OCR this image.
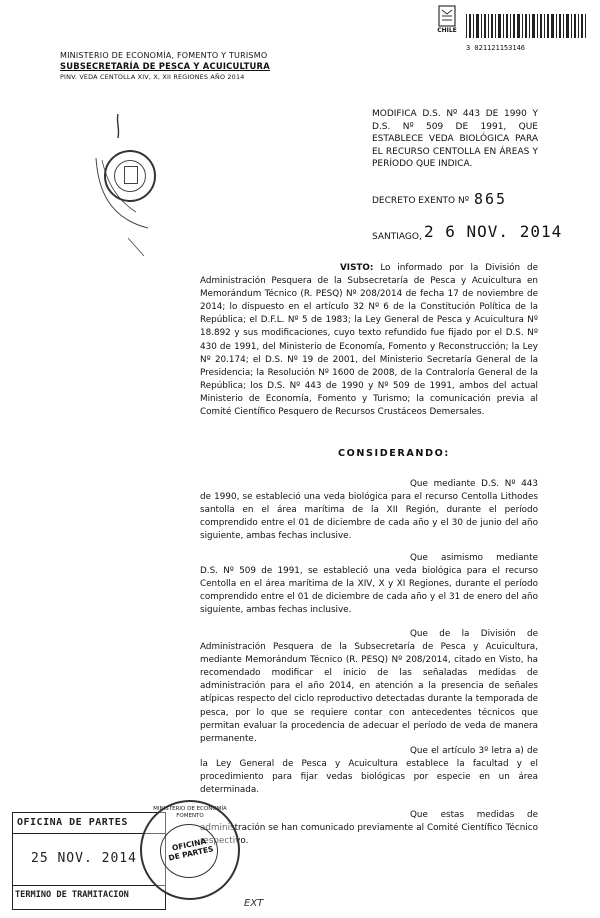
CHILE
3 021121153146
MINISTERIO DE ECONOMÍA, FOMENTO Y TURISMO
SUBSECRETARÍA DE PESCA Y ACUICULTURA
PINV. VEDA CENTOLLA XIV, X, XII REGIONES AÑO 2014
MODIFICA D.S. Nº 443 DE 1990 Y D.S. Nº 509 DE 1991, QUE ESTABLECE VEDA BIOLÓGICA PARA EL RECURSO CENTOLLA EN ÁREAS Y PERÍODO QUE INDICA.
DECRETO EXENTO Nº 865
SANTIAGO, 2 6 NOV. 2014
VISTO: Lo informado por la División de Administración Pesquera de la Subsecretaría de Pesca y Acuicultura en Memorándum Técnico (R. PESQ) Nº 208/2014 de fecha 17 de noviembre de 2014; lo dispuesto en el artículo 32 Nº 6 de la Constitución Política de la República; el D.F.L. Nº 5 de 1983; la Ley General de Pesca y Acuicultura Nº 18.892 y sus modificaciones, cuyo texto refundido fue fijado por el D.S. Nº 430 de 1991, del Ministerio de Economía, Fomento y Reconstrucción; la Ley Nº 20.174; el D.S. Nº 19 de 2001, del Ministerio Secretaría General de la Presidencia; la Resolución Nº 1600 de 2008, de la Contraloría General de la República; los D.S. Nº 443 de 1990 y Nº 509 de 1991, ambos del actual Ministerio de Economía, Fomento y Turismo; la comunicación previa al Comité Científico Pesquero de Recursos Crustáceos Demersales.
CONSIDERANDO:
Que mediante D.S. Nº 443 de 1990, se estableció una veda biológica para el recurso Centolla Lithodes santolla en el área marítima de la XII Región, durante el período comprendido entre el 01 de diciembre de cada año y el 30 de junio del año siguiente, ambas fechas inclusive.
Que asimismo mediante D.S. Nº 509 de 1991, se estableció una veda biológica para el recurso Centolla en el área marítima de la XIV, X y XI Regiones, durante el período comprendido entre el 01 de diciembre de cada año y el 31 de enero del año siguiente, ambas fechas inclusive.
Que de la División de Administración Pesquera de la Subsecretaría de Pesca y Acuicultura, mediante Memorándum Técnico (R. PESQ) Nº 208/2014, citado en Visto, ha recomendado modificar el inicio de las señaladas medidas de administración para el año 2014, en atención a la presencia de señales atípicas respecto del ciclo reproductivo detectadas durante la temporada de pesca, por lo que se requiere contar con antecedentes técnicos que permitan evaluar la procedencia de adecuar el período de veda de manera permanente.
Que el artículo 3º letra a) de la Ley General de Pesca y Acuicultura establece la facultad y el procedimiento para fijar vedas biológicas por especie en un área determinada.
Que estas medidas de administración se han comunicado previamente al Comité Científico Técnico respectivo.
OFICINA DE PARTES
25 NOV. 2014
TERMINO DE TRAMITACION
MINISTERIO DE ECONOMÍA FOMENTO
OFICINA DE PARTES
EXT
